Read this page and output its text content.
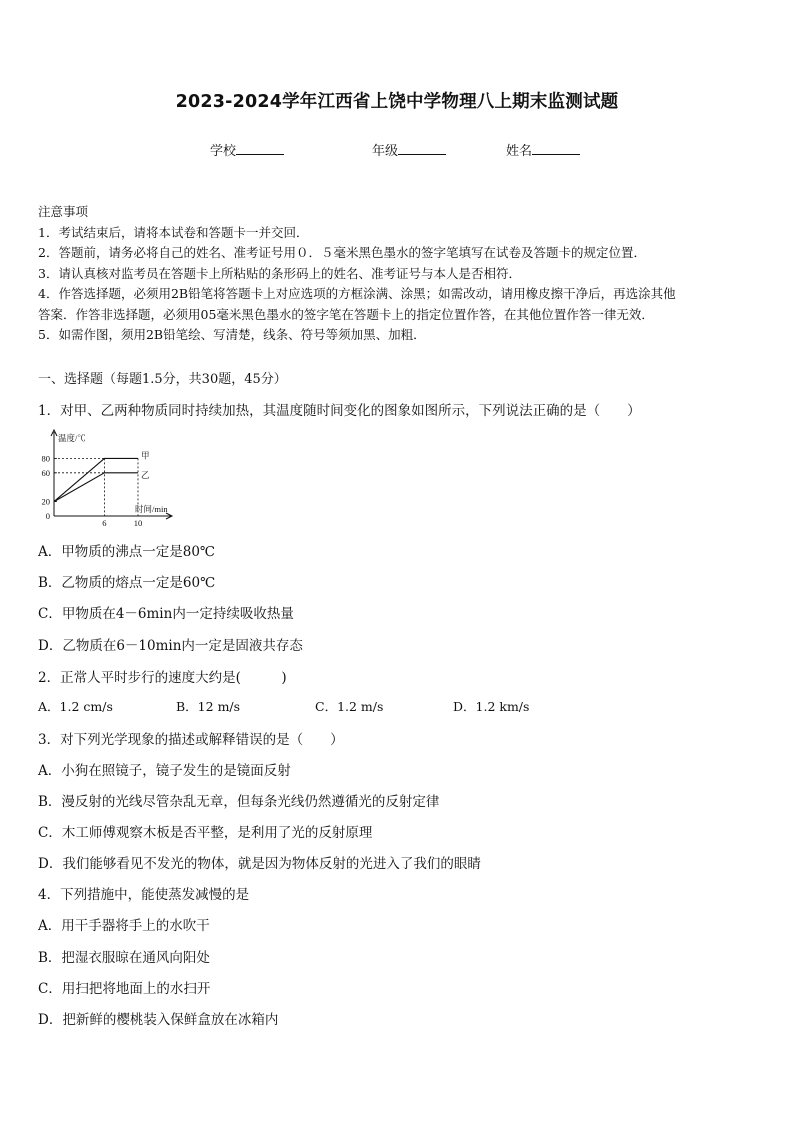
2023-2024学年江西省上饶中学物理八上期末监测试题
学校	年级	姓名
注意事项
1．考试结束后，请将本试卷和答题卡一并交回．
2．答题前，请务必将自己的姓名、准考证号用０．５毫米黑色墨水的签字笔填写在试卷及答题卡的规定位置．
3．请认真核对监考员在答题卡上所粘贴的条形码上的姓名、准考证号与本人是否相符．
4．作答选择题，必须用2B铅笔将答题卡上对应选项的方框涂满、涂黑；如需改动，请用橡皮擦干净后，再选涂其他
答案．作答非选择题，必须用05毫米黑色墨水的签字笔在答题卡上的指定位置作答，在其他位置作答一律无效．
5．如需作图，须用2B铅笔绘、写清楚，线条、符号等须加黑、加粗．
一、选择题（每题1.5分，共30题，45分）
1．对甲、乙两种物质同时持续加热，其温度随时间变化的图象如图所示，下列说法正确的是（　　）
温度/℃
时间/min
80
60
20
0
6	10
甲
乙
A．甲物质的沸点一定是80℃
B．乙物质的熔点一定是60℃
C．甲物质在4－6min内一定持续吸收热量
D．乙物质在6－10min内一定是固液共存态
2．正常人平时步行的速度大约是(　　　)
A．1.2 cm/s	B．12 m/s	C．1.2 m/s	D．1.2 km/s
3．对下列光学现象的描述或解释错误的是（　　）
A．小狗在照镜子，镜子发生的是镜面反射
B．漫反射的光线尽管杂乱无章，但每条光线仍然遵循光的反射定律
C．木工师傅观察木板是否平整，是利用了光的反射原理
D．我们能够看见不发光的物体，就是因为物体反射的光进入了我们的眼睛
4．下列措施中，能使蒸发减慢的是
A．用干手器将手上的水吹干
B．把湿衣服晾在通风向阳处
C．用扫把将地面上的水扫开
D．把新鲜的樱桃装入保鲜盒放在冰箱内
